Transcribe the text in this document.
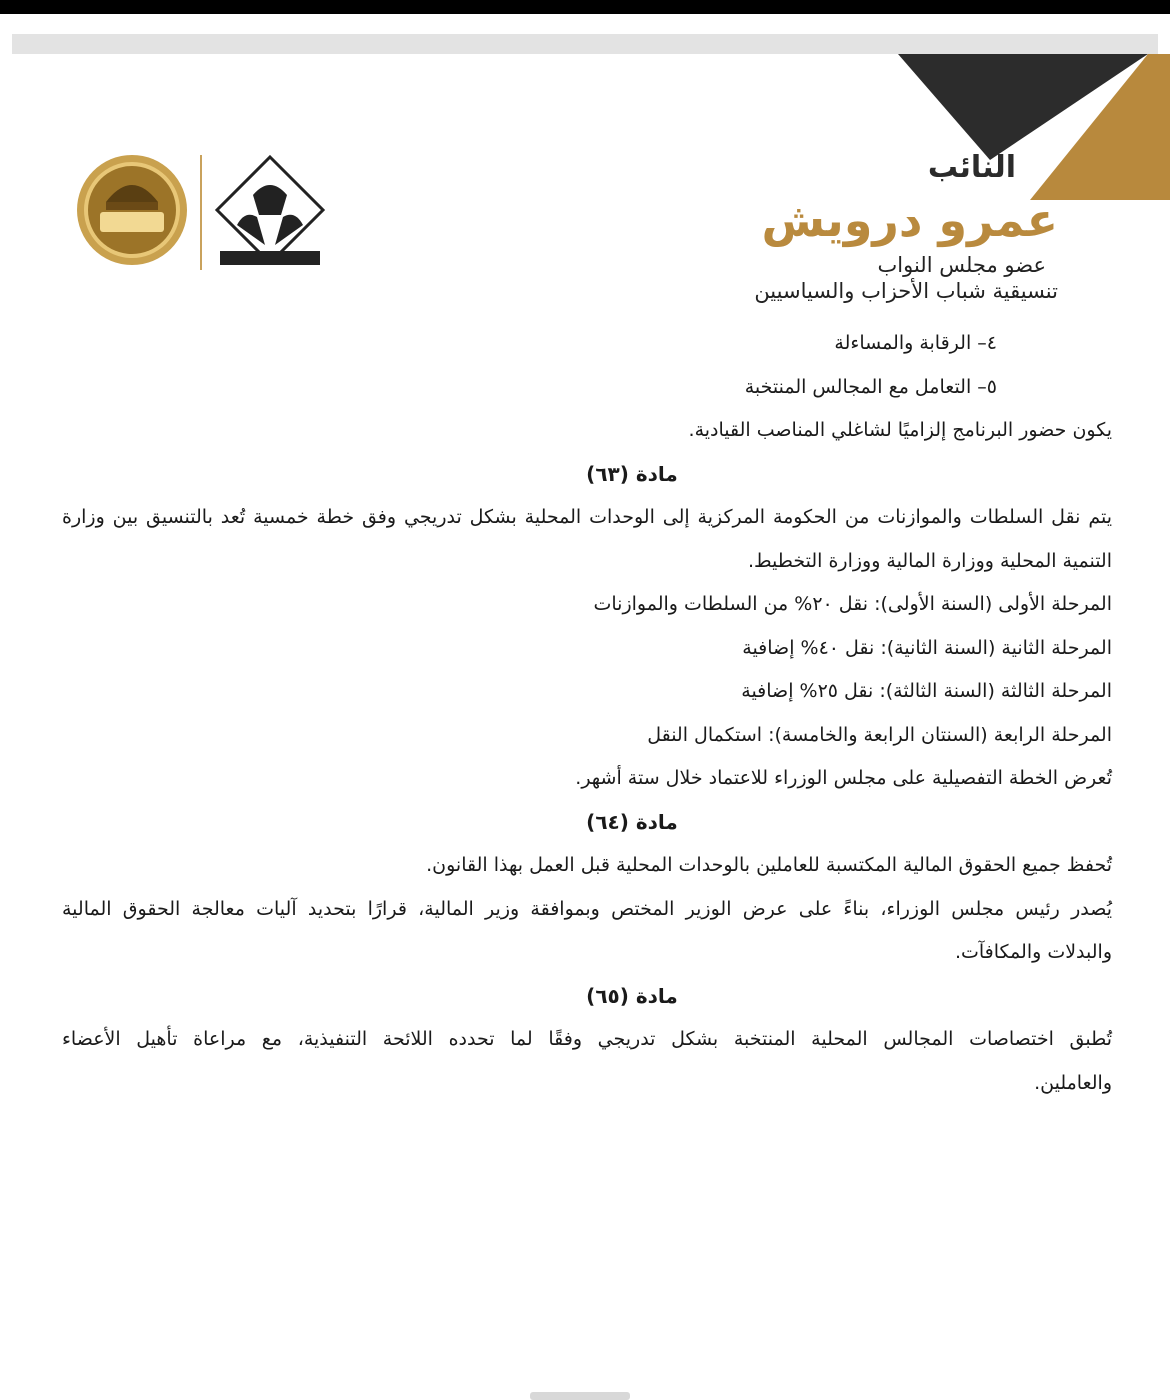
النائب

عمرو درويش

عضو مجلس النواب

تنسيقية شباب الأحزاب والسياسيين

٤– الرقابة والمساءلة

٥– التعامل مع المجالس المنتخبة

يكون حضور البرنامج إلزاميًا لشاغلي المناصب القيادية.

مادة (٦٣)

يتم نقل السلطات والموازنات من الحكومة المركزية إلى الوحدات المحلية بشكل تدريجي وفق خطة خمسية تُعد بالتنسيق بين وزارة

التنمية المحلية ووزارة المالية ووزارة التخطيط.

المرحلة الأولى (السنة الأولى): نقل ٢٠% من السلطات والموازنات

المرحلة الثانية (السنة الثانية): نقل ٤٠% إضافية

المرحلة الثالثة (السنة الثالثة): نقل ٢٥% إضافية

المرحلة الرابعة (السنتان الرابعة والخامسة): استكمال النقل

تُعرض الخطة التفصيلية على مجلس الوزراء للاعتماد خلال ستة أشهر.

مادة (٦٤)

تُحفظ جميع الحقوق المالية المكتسبة للعاملين بالوحدات المحلية قبل العمل بهذا القانون.

يُصدر رئيس مجلس الوزراء، بناءً على عرض الوزير المختص وبموافقة وزير المالية، قرارًا بتحديد آليات معالجة الحقوق المالية

والبدلات والمكافآت.

مادة (٦٥)

تُطبق اختصاصات المجالس المحلية المنتخبة بشكل تدريجي وفقًا لما تحدده اللائحة التنفيذية، مع مراعاة تأهيل الأعضاء

والعاملين.
